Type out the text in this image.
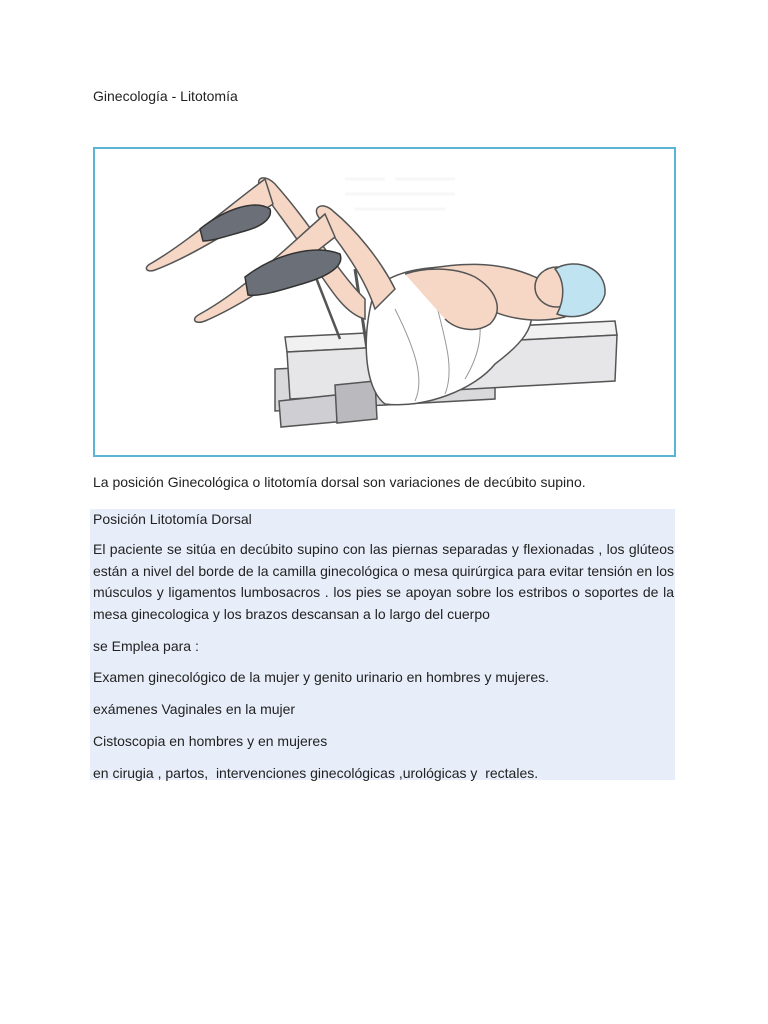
Ginecología - Litotomía
La posición Ginecológica o litotomía dorsal son variaciones de decúbito supino.

Posición Litotomía Dorsal

El paciente se sitúa en decúbito supino con las piernas separadas y flexionadas , los glúteos están a nivel del borde de la camilla ginecológica o mesa quirúrgica para evitar tensión en los músculos y ligamentos lumbosacros . los pies se apoyan sobre los estribos o soportes de la mesa ginecologica y los brazos descansan a lo largo del cuerpo

se Emplea para :

Examen ginecológico de la mujer y genito urinario en hombres y mujeres.

exámenes Vaginales en la mujer

Cistoscopia en hombres y en mujeres

en cirugia , partos,  intervenciones ginecológicas ,urológicas y  rectales.
